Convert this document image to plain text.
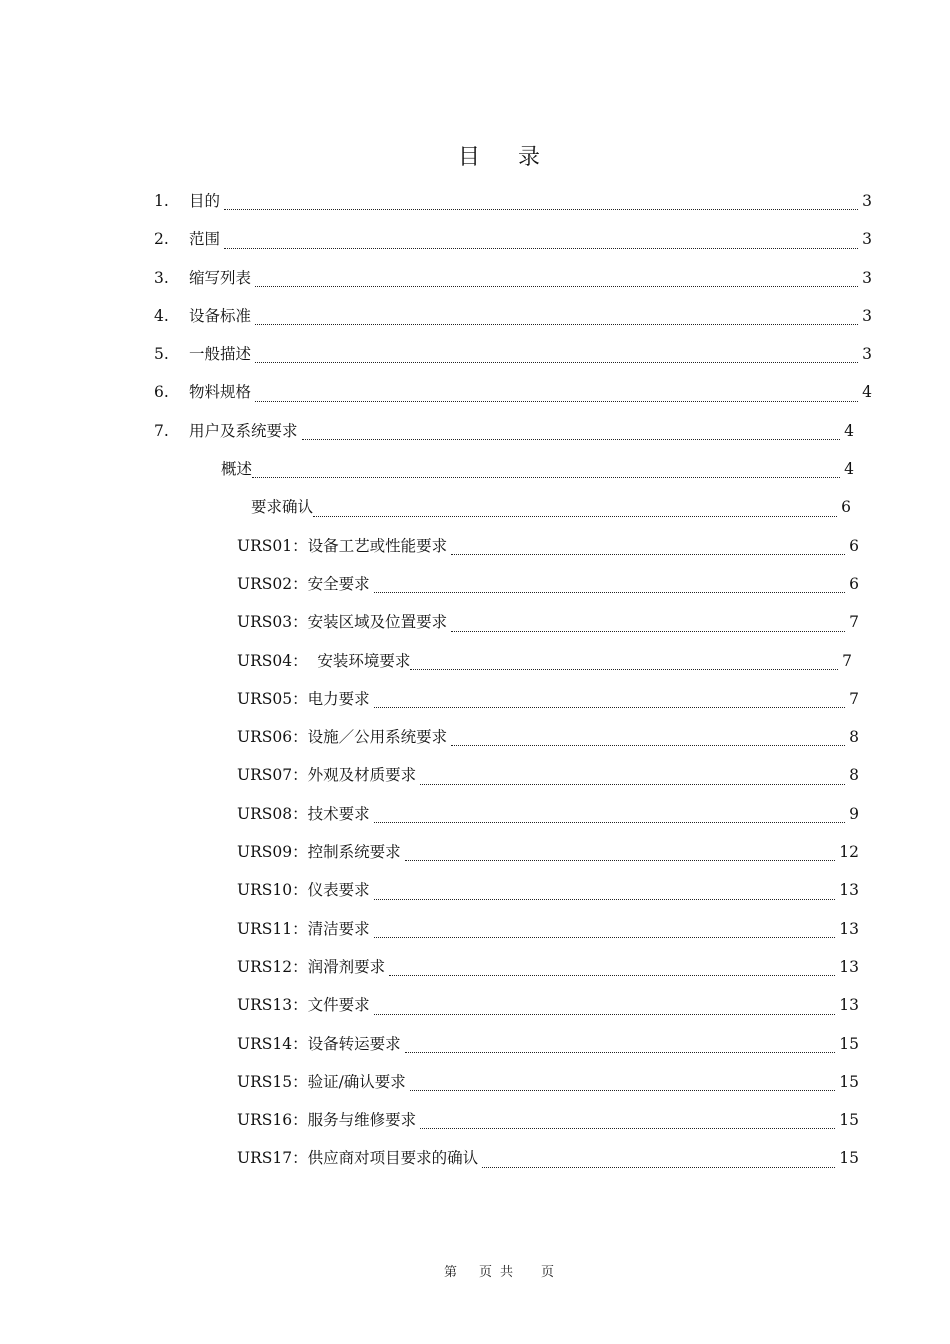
目 录
1.	目的	3
2.	范围	3
3.	缩写列表	3
4.	设备标准	3
5.	一般描述	3
6.	物料规格	4
7.	用户及系统要求	4
概述	4
要求确认	6
URS01：设备工艺或性能要求	6
URS02：安全要求	6
URS03：安装区域及位置要求	7
URS04：  安装环境要求	7
URS05：电力要求	7
URS06：设施／公用系统要求	8
URS07：外观及材质要求	8
URS08：技术要求	9
URS09：控制系统要求	12
URS10：仪表要求	13
URS11：清洁要求	13
URS12：润滑剂要求	13
URS13：文件要求	13
URS14：设备转运要求	15
URS15：验证/确认要求	15
URS16：服务与维修要求	15
URS17：供应商对项目要求的确认	15
第 页 共 页
